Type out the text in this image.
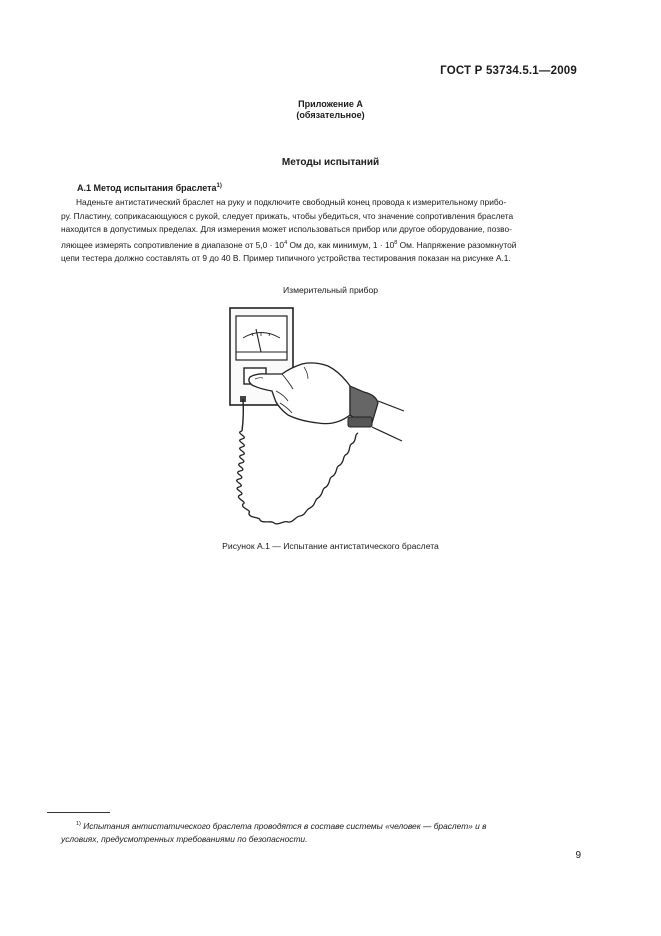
ГОСТ Р 53734.5.1—2009
Приложение А
(обязательное)
Методы испытаний
А.1 Метод испытания браслета$^{1)}$
Наденьте антистатический браслет на руку и подключите свободный конец провода к измерительному прибо-
ру. Пластину, соприкасающуюся с рукой, следует прижать, чтобы убедиться, что значение сопротивления браслета
находится в допустимых пределах. Для измерения может использоваться прибор или другое оборудование, позво-
ляющее измерять сопротивление в диапазоне от $5,0 \cdot 10^4$ Ом до, как минимум, $1 \cdot 10^8$ Ом. Напряжение разомкнутой
цепи тестера должно составлять от 9 до 40 В. Пример типичного устройства тестирования показан на рисунке А.1.
Измерительный прибор
Рисунок А.1 — Испытание антистатического браслета
$^{1)}$ Испытания антистатического браслета проводятся в составе системы «человек — браслет» и в
условиях, предусмотренных требованиями по безопасности.
9
